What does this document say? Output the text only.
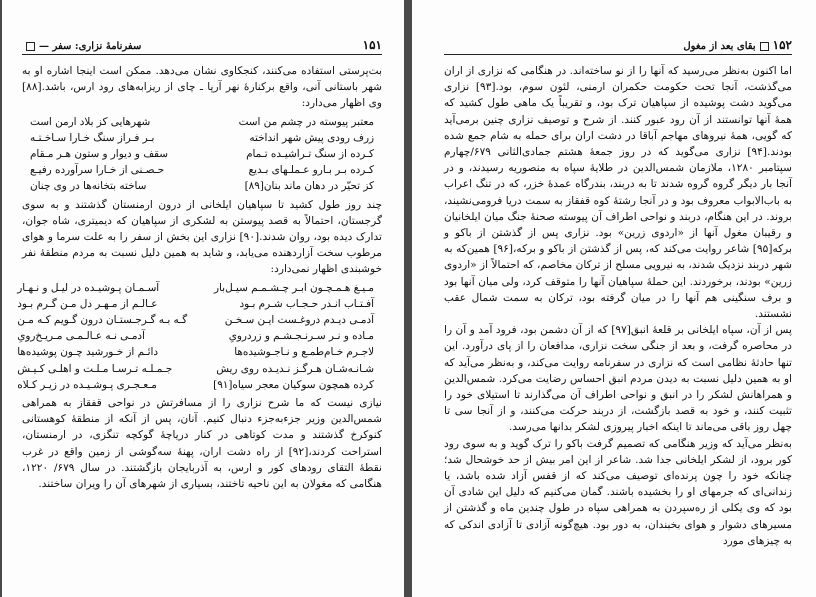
۱۵۱
سفرنامهٔ نزاری: سفر —

بت‌پرستی استفاده می‌کنند، کنجکاوی نشان می‌دهد. ممکن است اینجا اشاره او به شهر باستانی آنی، واقع برکنارهٔ نهر آرپا ـ چای از ریزابه‌های رود ارس، باشد.[۸۸] وی اظهار می‌دارد:

معتبر پیوسته در چشم من است
شهرهایی کز بلاد ارمن است
زرف رودی پیش شهر انداخته
بـر فـراز سنگ خـارا سـاخـتـه
کـرده از سنگ تـراشیـده تـمام
سقف و دیوار و ستون هـر مـقام
کـرده بـر بـارو عـملـهای بـدیع
حـصـنی از خـارا سرآورده رفیـع
کز تحیّر در دهان ماند بنان[۸۹]
ساخته بتخانه‌ها در وی چنان

چند روز طول کشید تا سپاهیان ایلخانی از درون ارمنستان گذشتند و به سوی گرجستان، احتمالاً به قصد پیوستن به لشکری از سپاهیان که دیمیتری، شاه جوان، تدارک دیده بود، روان شدند.[۹۰] نزاری این بخش از سفر را به علت سرما و هوای مرطوب سخت آزاردهنده می‌یابد، و شاید به همین دلیل نسبت به مردم منطقهٔ نفر خوشبندی اظهار نمی‌دارد:

مـیـغ هـمـچـون ابـر چـشـمـم سیـل‌بار
آسـمـان پـوشیـده در لیـل و نـهـار
آفـتـاب انـدر حـجـاب شـرم بـود
عـالـم از مـهـر دل مـن گـرم بـود
آدمـی دیـدم دروغـست ایـن سـخـن
گـه بـه گـرجـستـان درون گـویم کـه مـن
مـاده و نـر سـرنـجـشـم و زردرویِ
آدمـی نـه عـالـمـی مـریـخ‌رویِ
لاجـرم خـام‌طمـع و نـاجـوشیده‌ها
دائـم از خـورشید چـون پوشیده‌ها
شـانـه‌شـان هـرگـز نـدیـده روی ریش
جـمـلـه تـرسـا مـلـت و اهلـی کـیـش
کرده همچون سوکیان معجر سیاه[۹۱]
مـعـجـری پـوشـیـده در زیـر کـلاه

نیازی نیست که ما شرح نزاری را از مسافرتش در نواحی قفقاز به همراهی شمس‌الدین وزیر جزء‌به‌جزء دنبال کنیم. آنان، پس از آنکه از منطقهٔ کوهستانی کنوکرخ گذشتند و مدت کوتاهی در کنار دریاچهٔ گوکچه تنگزی، در ارمنستان، استراحت کردند،[۹۲] از راه دشت اران، پهنهٔ سه‌گوشی از زمین واقع در غرب نقطهٔ التقای رودهای کور و ارس، به آذربایجان بازگشتند. در سال ۶۷۹/ ۱۲۲۰، هنگامی که مغولان به این ناحیه تاختند، بسیاری از شهرهای آن را ویران ساختند.

۱۵۲بقای بعد از مغول

اما اکنون به‌نظر می‌رسید که آنها را از نو ساخته‌اند. در هنگامی که نزاری از اران می‌گذشت، آنجا تحت حکومت حکمران ارمنی، لئون سوم، بود.[۹۳] نزاری می‌گوید دشت پوشیده از سپاهیان ترک بود، و تقریباً یک ماهی طول کشید که همهٔ آنها توانستند از آن رود عبور کنند. از شرح و توصیف نزاری چنین برمی‌آید که گویی، همهٔ نیروهای مهاجم آباقا در دشت اران برای حمله به شام جمع شده بودند.[۹۴] نزاری می‌گوید که در روز جمعهٔ هشتم جمادی‌الثانی ۶۷۹/چهارم سپتامبر ۱۲۸۰، ملازمان شمس‌الدین در طلایهٔ سپاه به منصوریه رسیدند، و در آنجا بار دیگر گروه گروه شدند تا به دربند، بندرگاه عمدهٔ خزر، که در تنگ اعراب به باب‌الابواب معروف بود و در آنجا رشتهٔ کوه قفقاز به سمت دریا فرومی‌نشیند، بروند. در این هنگام، دربند و نواحی اطراف آن پیوسته صحنهٔ جنگ میان ایلخانیان و رقیبان مغول آنها از «اردوی زرین» بود. نزاری پس از گذشتن از باکو و برکه[۹۵] شاعر روایت می‌کند که، پس از گذشتن از باکو و برکه،[۹۶] همین‌که به شهر دربند نزدیک شدند، به نیرویی مسلح از ترکان مخاصم، که احتمالاً از «اردوی زرین» بودند، برخوردند. این حملهٔ سپاهیان آنها را متوقف کرد، ولی میان آنها بود و برف سنگینی هم آنها را در میان گرفته بود، ترکان به سمت شمال عقب نشستند.

پس از آن، سپاه ایلخانی بر قلعهٔ انبق[۹۷] که از آن دشمن بود، فرود آمد و آن را در محاصره گرفت، و بعد از جنگی سخت نزاری، مدافعان را از پای درآورد. این تنها حادثهٔ نظامی است که نزاری در سفرنامه روایت می‌کند، و به‌نظر می‌آید که او به همین دلیل نسبت به دیدن مردم انبق احساس رضایت می‌کرد. شمس‌الدین و همراهانش لشکر را در انبق و نواحی اطراف آن می‌گذارند تا استیلای خود را تثبیت کنند، و خود به قصد بازگشت، از دربند حرکت می‌کنند، و از آنجا سی تا چهل روز باقی می‌ماند تا اینکه اخبار پیروزی لشکر بدانها می‌رسد.

به‌نظر می‌آید که وزیر هنگامی که تصمیم گرفت باکو را ترک گوید و به سوی رود کور برود، از لشکر ایلخانی جدا شد. شاعر از این امر بیش از حد خوشحال شد؛ چنانکه خود را چون پرنده‌ای توصیف می‌کند که از قفس آزاد شده باشد، یا زندانی‌ای که جرمهای او را بخشیده باشند. گمان می‌کنیم که دلیل این شادی آن بود که وی یکلی از ره‌سپردن به همراهی سپاه در طول چندین ماه و گذشتن از مسیرهای دشوار و هوای بخبندان، به دور بود. هیچ‌گونه آزادی تا آزادی اندکی که به چیزهای مورد
